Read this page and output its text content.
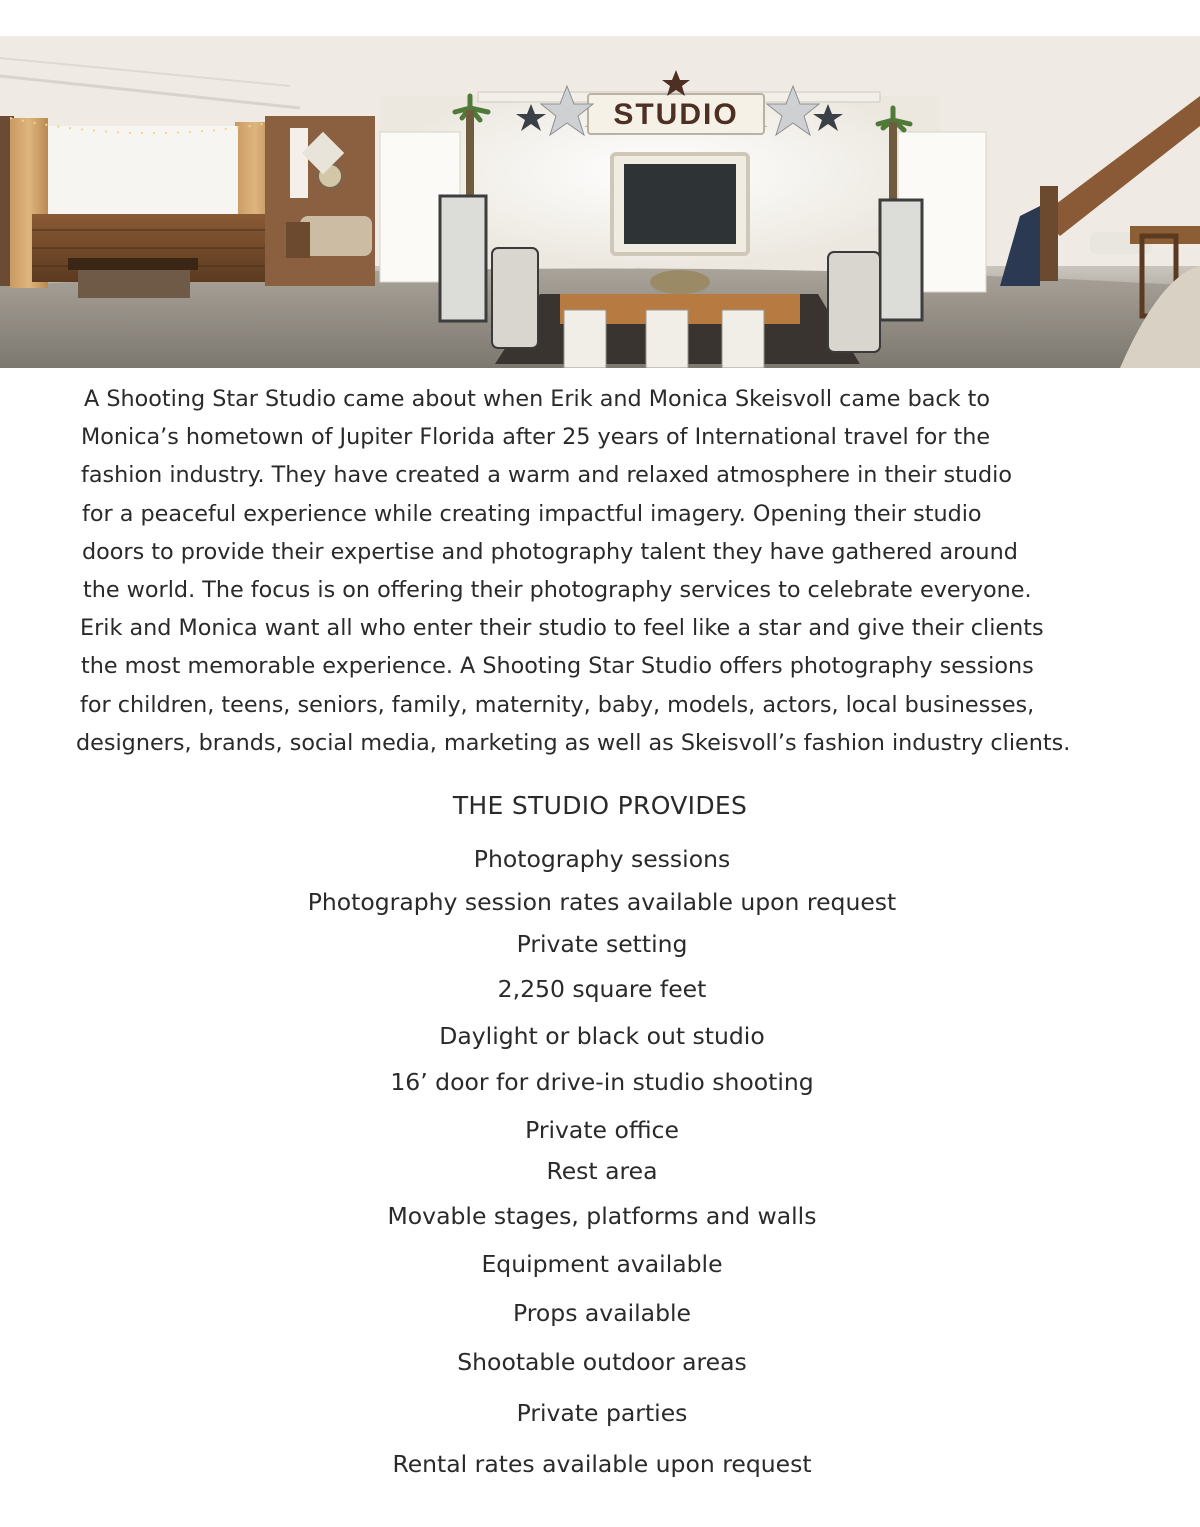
STUDIO
A Shooting Star Studio came about when Erik and Monica Skeisvoll came back to
Monica’s hometown of Jupiter Florida after 25 years of International travel for the
fashion industry. They have created a warm and relaxed atmosphere in their studio
for a peaceful experience while creating impactful imagery. Opening their studio
doors to provide their expertise and photography talent they have gathered around
the world. The focus is on offering their photography services to celebrate everyone.
Erik and Monica want all who enter their studio to feel like a star and give their clients
the most memorable experience. A Shooting Star Studio offers photography sessions
for children, teens, seniors, family, maternity, baby, models, actors, local businesses,
designers, brands, social media, marketing as well as Skeisvoll’s fashion industry clients.
THE STUDIO PROVIDES
Photography sessions
Photography session rates available upon request
Private setting
2,250 square feet
Daylight or black out studio
16’ door for drive-in studio shooting
Private office
Rest area
Movable stages, platforms and walls
Equipment available
Props available
Shootable outdoor areas
Private parties
Rental rates available upon request
